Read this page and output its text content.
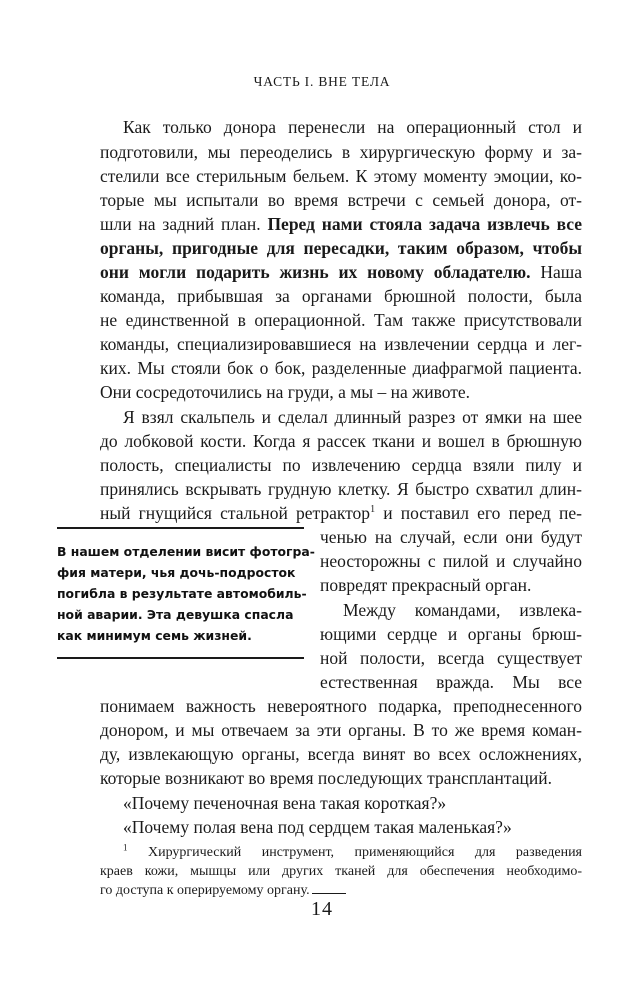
ЧАСТЬ I. ВНЕ ТЕЛА
Как только донора перенесли на операционный стол и
подготовили, мы переоделись в хирургическую форму и за-
стелили все стерильным бельем. К этому моменту эмоции, ко-
торые мы испытали во время встречи с семьей донора, от-
шли на задний план. Перед нами стояла задача извлечь все
органы, пригодные для пересадки, таким образом, чтобы
они могли подарить жизнь их новому обладателю. Наша
команда, прибывшая за органами брюшной полости, была
не единственной в операционной. Там также присутствовали
команды, специализировавшиеся на извлечении сердца и лег-
ких. Мы стояли бок о бок, разделенные диафрагмой пациента.
Они сосредоточились на груди, а мы – на животе.
Я взял скальпель и сделал длинный разрез от ямки на шее
до лобковой кости. Когда я рассек ткани и вошел в брюшную
полость, специалисты по извлечению сердца взяли пилу и
принялись вскрывать грудную клетку. Я быстро схватил длин-
ный гнущийся стальной ретрактор$^1$ и поставил его перед пе-
ченью на случай, если они будут
неосторожны с пилой и случайно
повредят прекрасный орган.
Между командами, извлека-
ющими сердце и органы брюш-
ной полости, всегда существует
естественная вражда. Мы все
понимаем важность невероятного подарка, преподнесенного
донором, и мы отвечаем за эти органы. В то же время коман-
ду, извлекающую органы, всегда винят во всех осложнениях,
которые возникают во время последующих трансплантаций.
«Почему печеночная вена такая короткая?»
«Почему полая вена под сердцем такая маленькая?»
В нашем отделении висит фотогра-
фия матери, чья дочь-подросток
погибла в результате автомобиль-
ной аварии. Эта девушка спасла
как минимум семь жизней.
$^1$ Хирургический инструмент, применяющийся для разведения
краев кожи, мышцы или других тканей для обеспечения необходимо-
го доступа к оперируемому органу.
14
